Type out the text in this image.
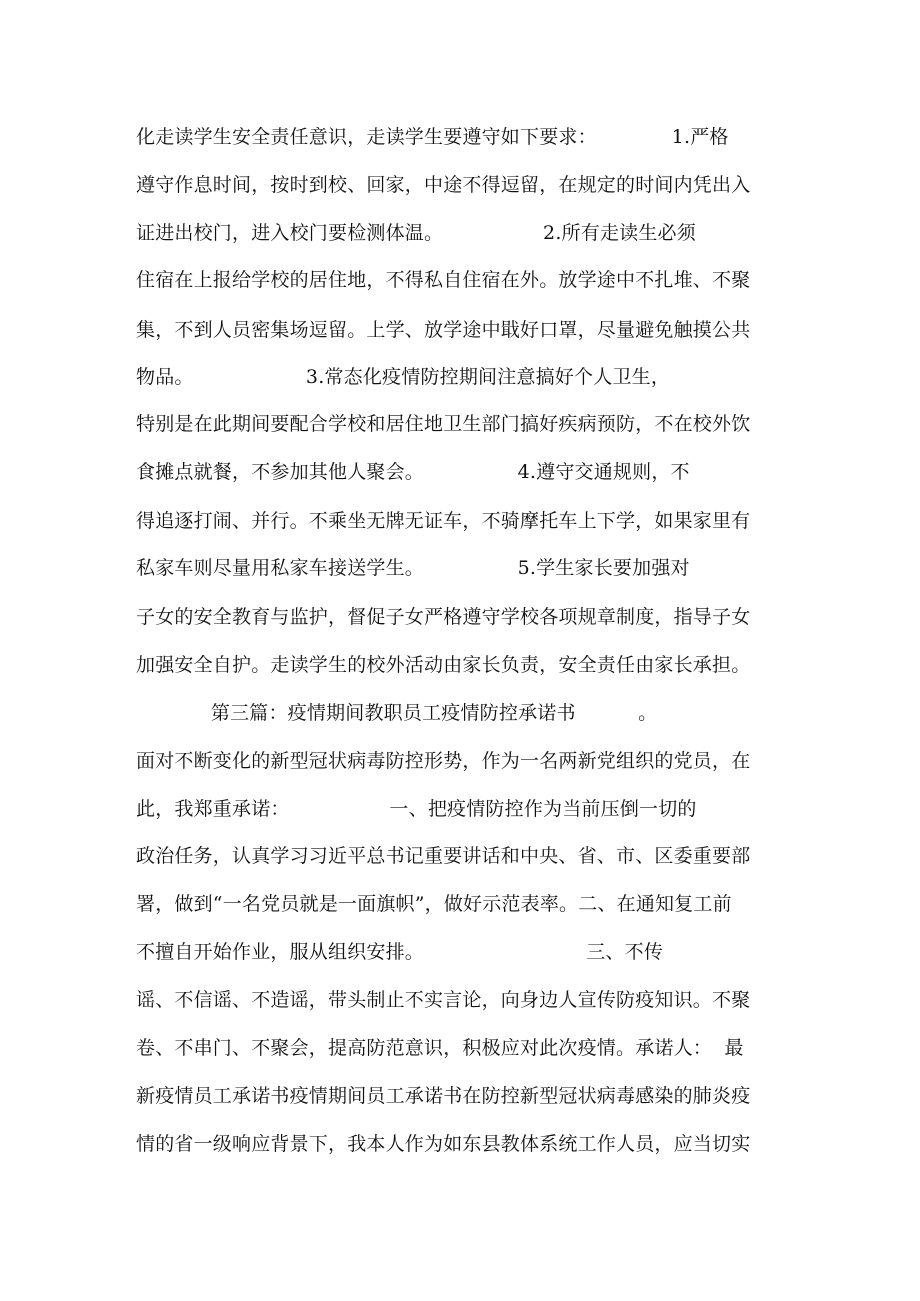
化走读学生安全责任意识，走读学生要遵守如下要求：            1.严格
遵守作息时间，按时到校、回家，中途不得逗留，在规定的时间内凭出入
证进出校门，进入校门要检测体温。                2.所有走读生必须
住宿在上报给学校的居住地，不得私自住宿在外。放学途中不扎堆、不聚
集，不到人员密集场逗留。上学、放学途中戢好口罩，尽量避免触摸公共
物品。                  3.常态化疫情防控期间注意搞好个人卫生，
特别是在此期间要配合学校和居住地卫生部门搞好疾病预防，不在校外饮
食摊点就餐，不参加其他人聚会。               4.遵守交通规则，不
得追逐打闹、并行。不乘坐无牌无证车，不骑摩托车上下学，如果家里有
私家车则尽量用私家车接送学生。               5.学生家长要加强对
子女的安全教育与监护，督促子女严格遵守学校各项规章制度，指导子女
加强安全自护。走读学生的校外活动由家长负责，安全责任由家长承担。
第三篇：疫情期间教职员工疫情防控承诺书          。
面对不断变化的新型冠状病毒防控形势，作为一名两新党组织的党员，在
此，我郑重承诺：                一、把疫情防控作为当前压倒一切的
政治任务，认真学习习近平总书记重要讲话和中央、省、市、区委重要部
署，做到“一名党员就是一面旗帜”，做好示范表率。二、在通知复工前
不擅自开始作业，服从组织安排。                          三、不传
谣、不信谣、不造谣，带头制止不实言论，向身边人宣传防疫知识。不聚
卷、不串门、不聚会，提高防范意识，积极应对此次疫情。承诺人：  最
新疫情员工承诺书疫情期间员工承诺书在防控新型冠状病毒感染的肺炎疫
情的省一级响应背景下，我本人作为如东县教体系统工作人员，应当切实
